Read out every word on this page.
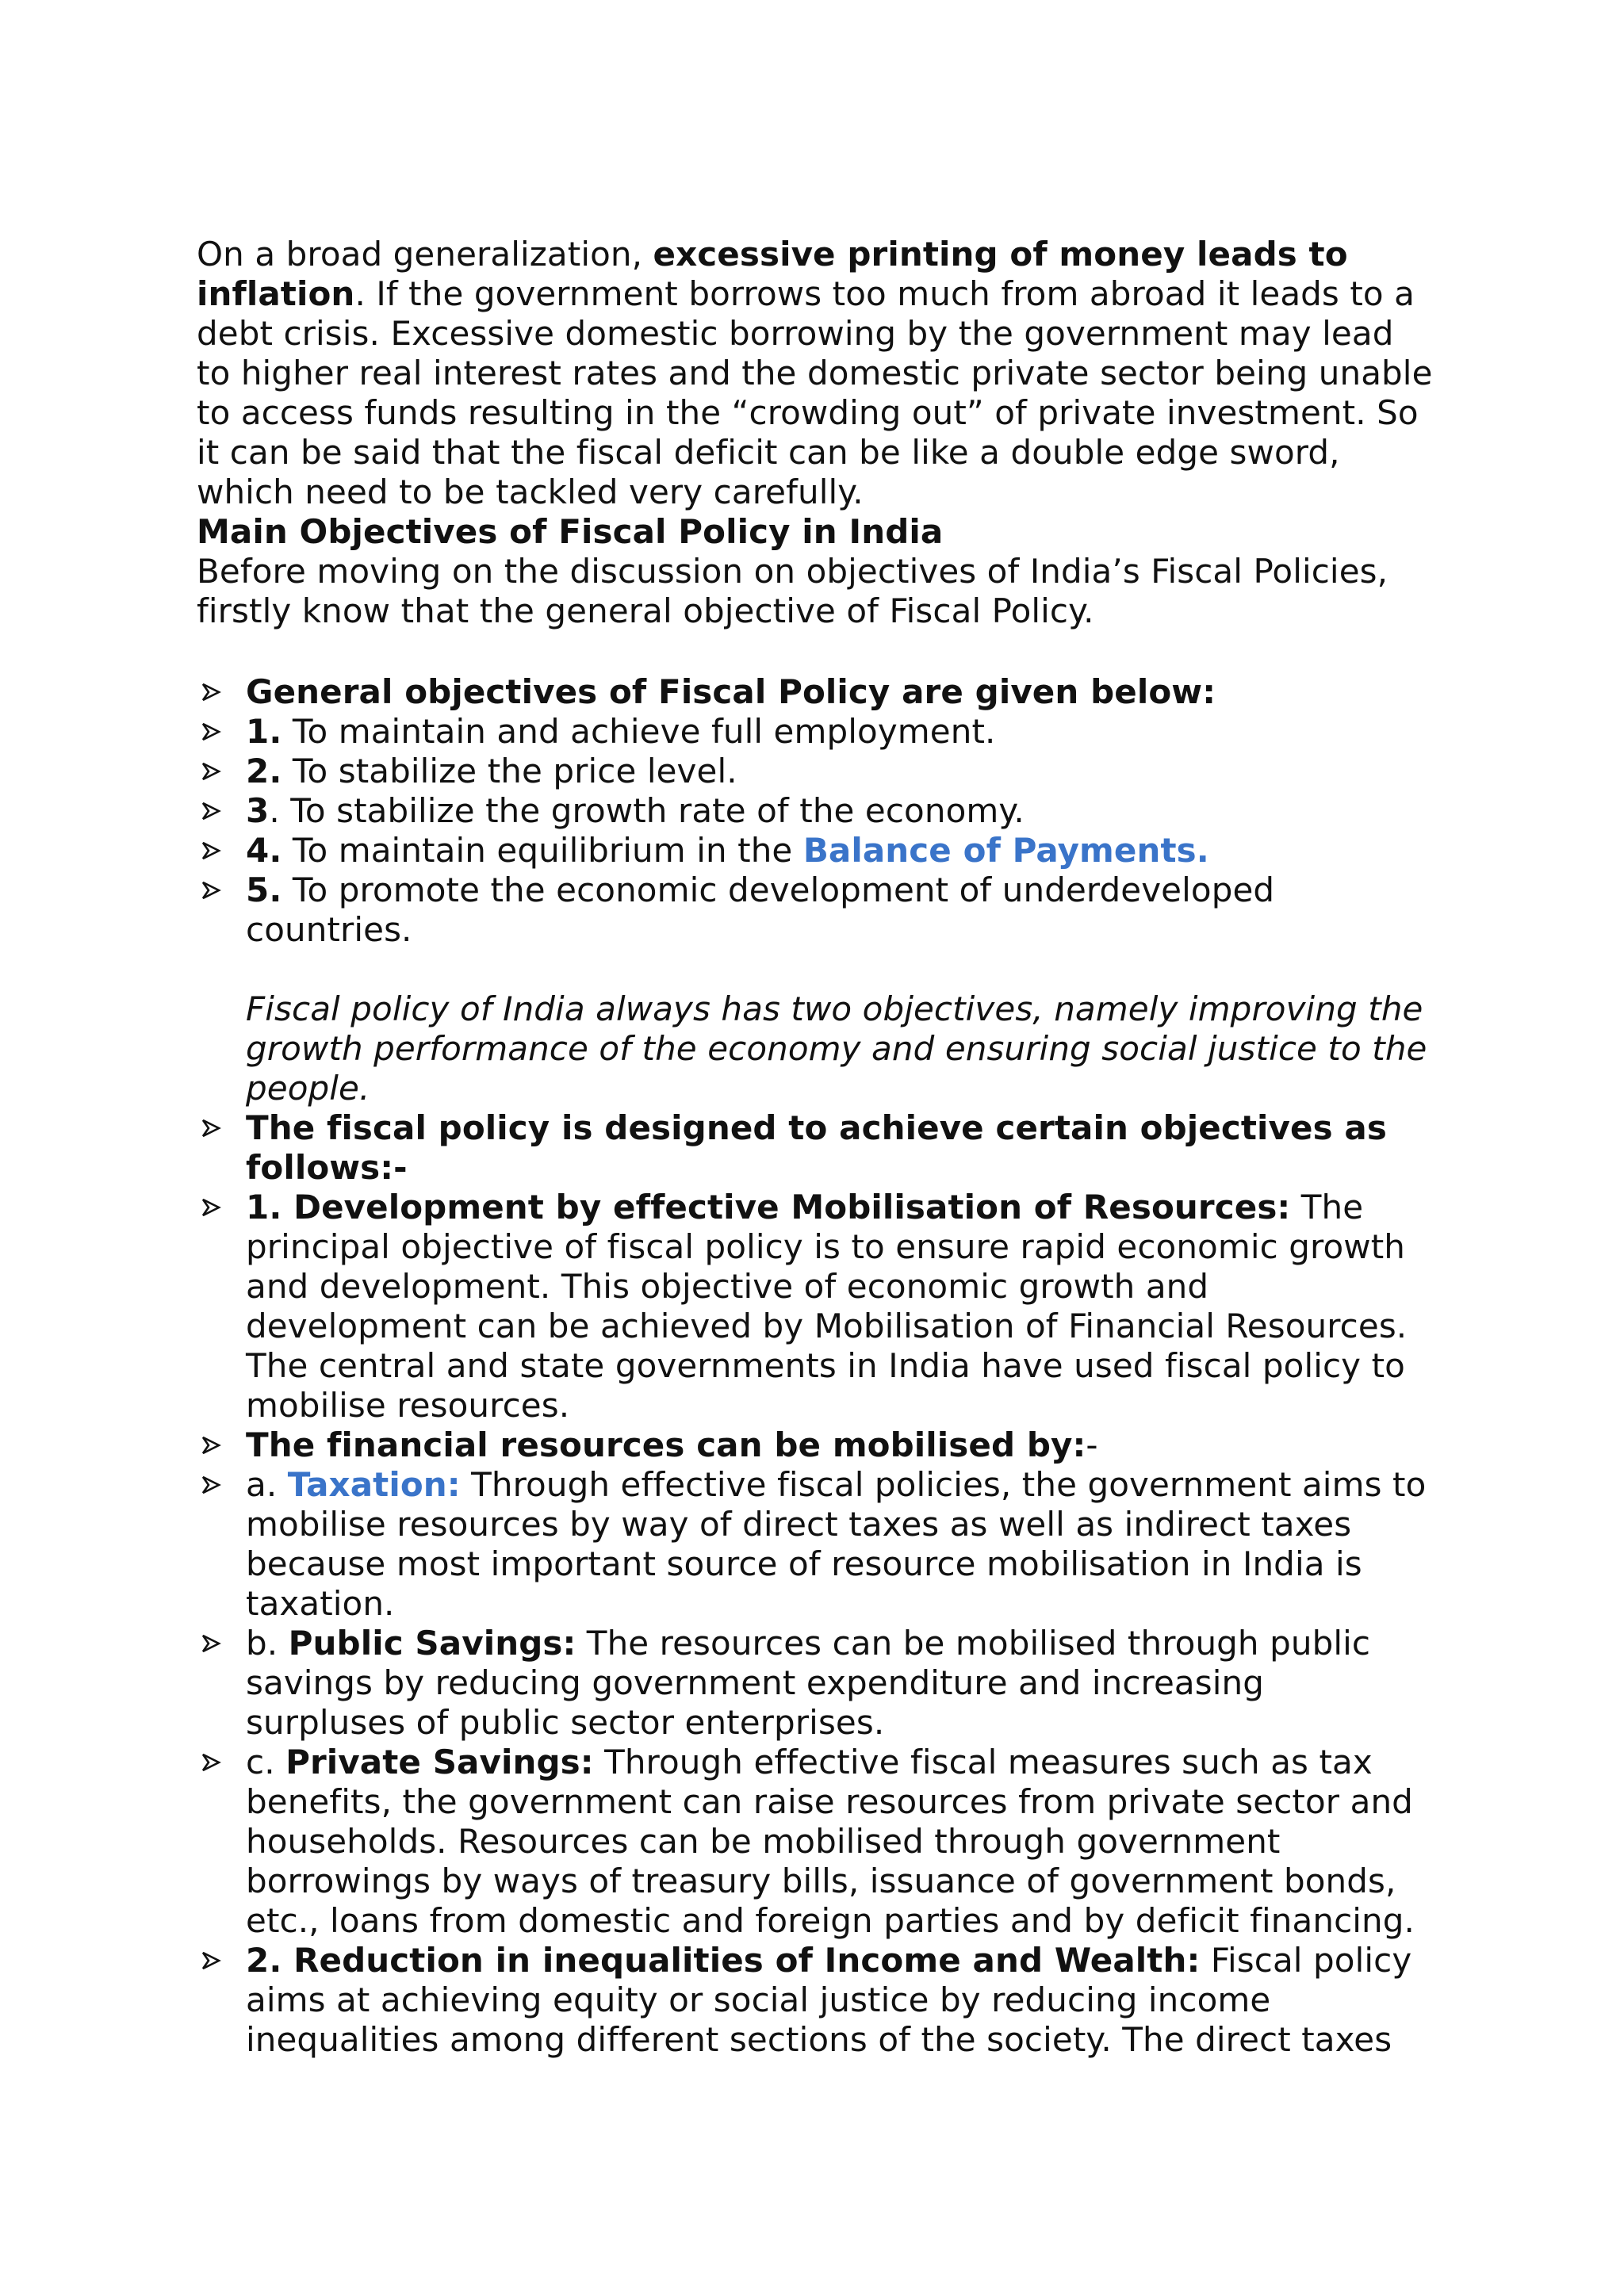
On a broad generalization, excessive printing of money leads to inflation. If the government borrows too much from abroad it leads to a debt crisis. Excessive domestic borrowing by the government may lead to higher real interest rates and the domestic private sector being unable to access funds resulting in the “crowding out” of private investment. So it can be said that the fiscal deficit can be like a double edge sword, which need to be tackled very carefully.

Main Objectives of Fiscal Policy in India

Before moving on the discussion on objectives of India’s Fiscal Policies, firstly know that the general objective of Fiscal Policy.

General objectives of Fiscal Policy are given below:
1. To maintain and achieve full employment.
2. To stabilize the price level.
3. To stabilize the growth rate of the economy.
4. To maintain equilibrium in the Balance of Payments.
5. To promote the economic development of underdeveloped countries.

Fiscal policy of India always has two objectives, namely improving the growth performance of the economy and ensuring social justice to the people.

The fiscal policy is designed to achieve certain objectives as follows:-
1. Development by effective Mobilisation of Resources: The principal objective of fiscal policy is to ensure rapid economic growth and development. This objective of economic growth and development can be achieved by Mobilisation of Financial Resources. The central and state governments in India have used fiscal policy to mobilise resources.
The financial resources can be mobilised by:-
a. Taxation: Through effective fiscal policies, the government aims to mobilise resources by way of direct taxes as well as indirect taxes because most important source of resource mobilisation in India is taxation.
b. Public Savings: The resources can be mobilised through public savings by reducing government expenditure and increasing surpluses of public sector enterprises.
c. Private Savings: Through effective fiscal measures such as tax benefits, the government can raise resources from private sector and households. Resources can be mobilised through government borrowings by ways of treasury bills, issuance of government bonds, etc., loans from domestic and foreign parties and by deficit financing.
2. Reduction in inequalities of Income and Wealth: Fiscal policy aims at achieving equity or social justice by reducing income inequalities among different sections of the society. The direct taxes
